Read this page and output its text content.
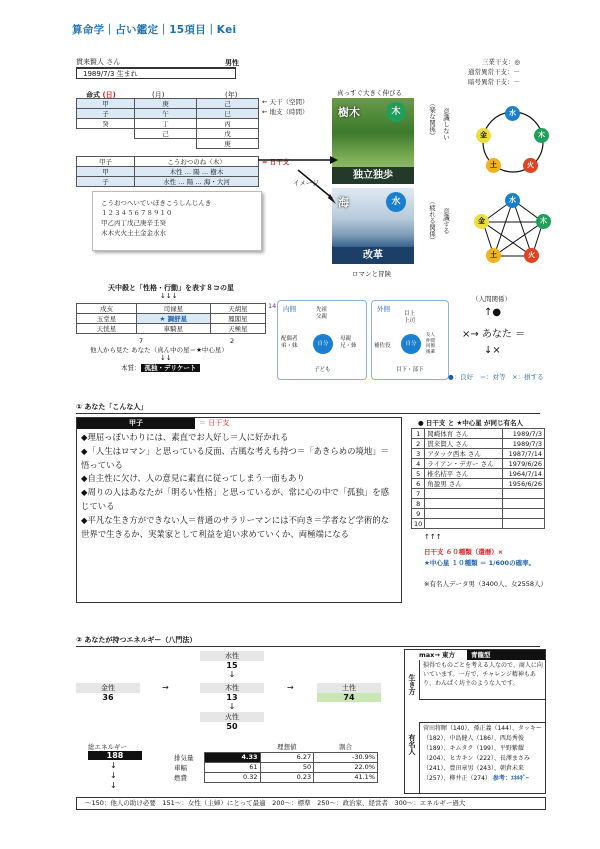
算命学｜占い鑑定｜15項目｜Kei
貫来賢人 さん
1989/7/3 生まれ
男性	三業干支：◎
通常異常干支：－
暗号異常干支：－
命式 (日)	(月)	(年)
甲	庚	己
子	午	巳
癸	丁	丙
	己	戊
		庚
← 天干（空間）
← 地支（時間）
甲子	こうおつのね（木）
甲	木性 … 陽 … 樹木
子	水性 … 陽 … 海・大河
= 日干支
イメージ
こうおつへいていぼきこうしんじんき
１２３４５６７８９１０
甲乙丙丁戊己庚辛壬癸
木木火火土土金金水水
真っすぐ大きく伸びる
樹木	木
独立独歩
海	水
改革
ロマンと冒険
（楽な関係） 意識しない
（疲れる関係） 意識する
水
木
火
土
金
水
木
火
土
金
天中殺と「性格・行動」を表す８コの星
↓↓↓
戌亥	司禄星	天胡星
玉堂星	★ 調舒星	鳳閣星
天恍星	車騎星	天極星
14
7	2
他人から見た あなた（真ん中の星＝★中心星）
↓↓
本質： 孤独・デリケート
内側	先祖
父親
配偶者
弟・妹	自分
母親
兄・姉
子ども
外側
目上
上司
補佐役	自分
友人
仲間
同僚
後輩
目下・部下
（人間関係）
↑●
×→ あなた ＝
↓×
●：良好　＝：対等　×：損する
① あなた「こんな人」
甲子	＝ 日干支
◆理屈っぽいわりには、素直でお人好し＝人に好かれる
◆「人生はロマン」と思っている反面、古風な考えも持つ＝「あきらめの境地」＝悟っている
◆自主性に欠け、人の意見に素直に従ってしまう一面もあり
◆周りの人はあなたが「明るい性格」と思っているが、常に心の中で「孤独」を感じている
◆平凡な生き方ができない人＝普通のサラリーマンには不向き＝学者など学術的な世界で生きるか、実業家として利益を追い求めていくか、両極端になる
● 日干支 と ★中心星 が同じ有名人
1	岡崎体育 さん	1989/7/3
2	貫来賢人 さん	1989/7/3
3	アタック西本 さん	1987/7/14
4	ライアン・デガー さん	1979/6/26
5	椎名桔平 さん	1964/7/14
6	角盈男 さん	1956/6/26
7		
8		
9		
10		
↑↑↑
日干支 ６０種類（還暦）×
★中心星 １０種類 ＝ 1/600の確率。
※有名人データ男（3400人、女2558人）
② あなたが持つエネルギー（八門法）
水性
15
↓
金性
36
→	木性
13
↓
→	土性
74
火性
50
総エネルギー
188
↓
↓
↓
		理想値	割合
排気量	4.33	6.27	-30.9%
車幅	61	50	22.0%
燃費	0.32	0.23	41.1%
～150：他人の助け必要　151～：女性（主婦）にとって最適　200～：標準　250～：政治家、経営者　300～：エネルギー過大
max→ 東方	青龍型
生き方
損得でものごとを考える人なので、商人に向いています。一方で、チャレンジ精神もあり、わんぱく坊主のような人です。
有名人
菅田将暉（140）、孫正義（144）、タッキー（182）、中島健人（186）、西島秀俊（189）、キムタク（199）、平野紫耀（204）、ヒカキン（222）、長澤まさみ（241）、豊田章男（243）、朝倉未来（257）、柳井正（274） 参考：ｴﾈﾙｷﾞｰ
